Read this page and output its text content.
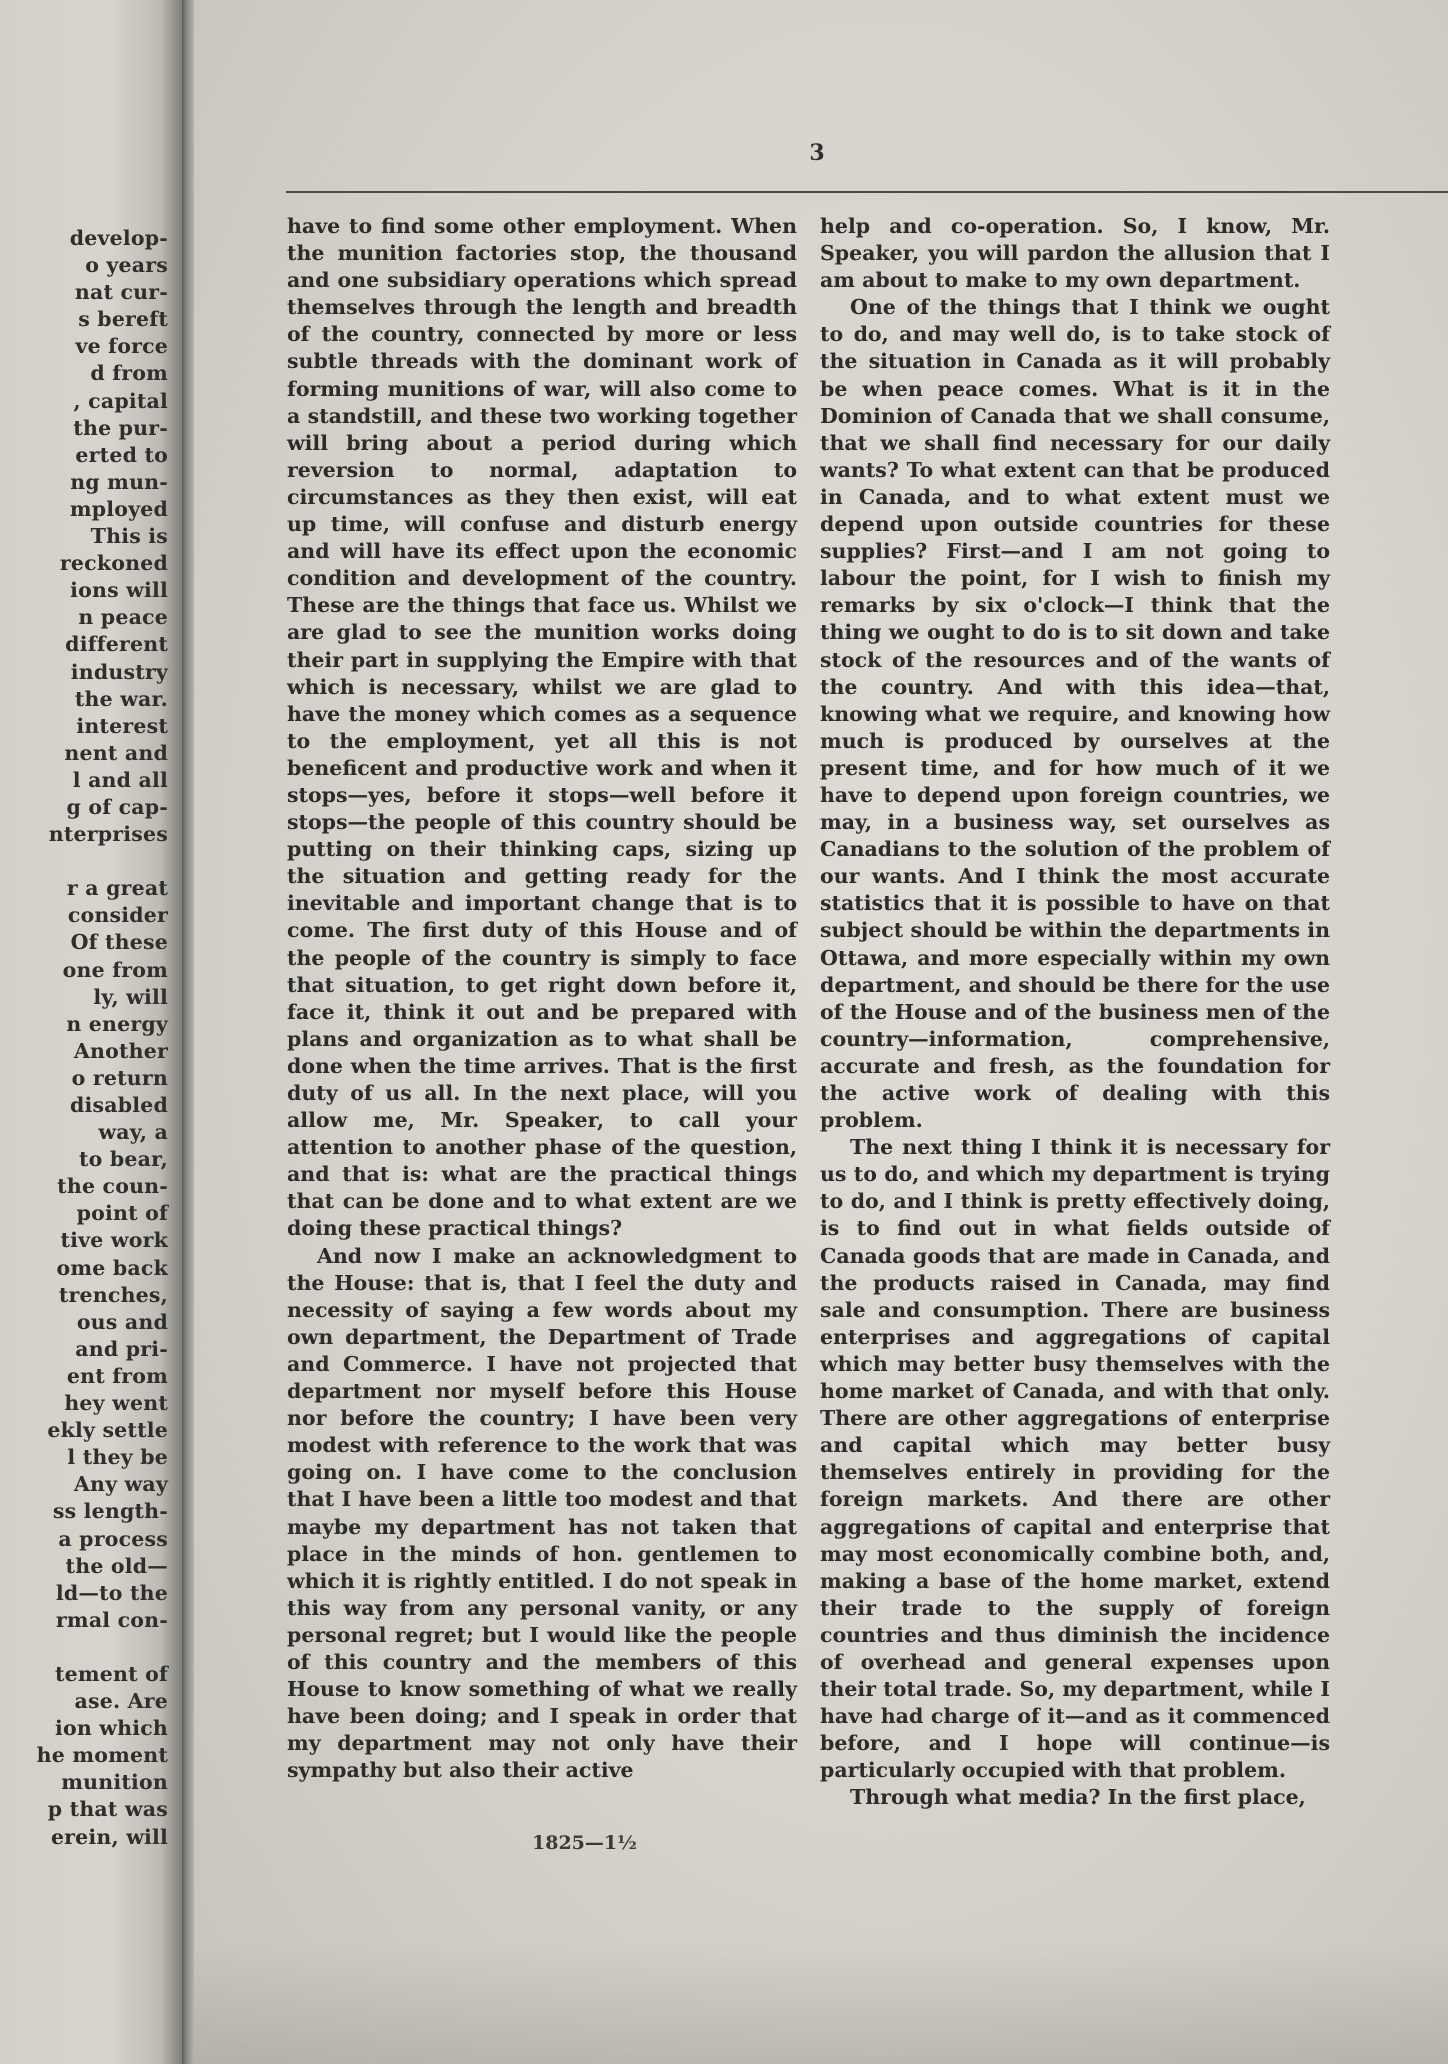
develop-
o years
nat cur-
s bereft
ve force
d from
, capital
the pur-
erted to
ng mun-
mployed
This is
reckoned
ions will
n peace
different
industry
the war.
interest
nent and
l and all
g of cap-
nterprises
r a great
consider
Of these
one from
ly, will
n energy
Another
o return
disabled
way, a
to bear,
the coun-
point of
tive work
ome back
trenches,
ous and
and pri-
ent from
hey went
ekly settle
l they be
Any way
ss length-
a process
the old—
ld—to the
rmal con-
tement of
ase. Are
ion which
he moment
munition
p that was
erein, will
3

have to find some other employment. When the munition factories stop, the thousand and one subsidiary operations which spread themselves through the length and breadth of the country, connected by more or less subtle threads with the dominant work of forming munitions of war, will also come to a standstill, and these two working together will bring about a period during which reversion to normal, adaptation to circumstances as they then exist, will eat up time, will confuse and disturb energy and will have its effect upon the economic condition and development of the country. These are the things that face us. Whilst we are glad to see the munition works doing their part in supplying the Empire with that which is necessary, whilst we are glad to have the money which comes as a sequence to the employment, yet all this is not beneficent and productive work and when it stops—yes, before it stops—well before it stops—the people of this country should be putting on their thinking caps, sizing up the situation and getting ready for the inevitable and important change that is to come. The first duty of this House and of the people of the country is simply to face that situation, to get right down before it, face it, think it out and be prepared with plans and organization as to what shall be done when the time arrives. That is the first duty of us all. In the next place, will you allow me, Mr. Speaker, to call your attention to another phase of the question, and that is: what are the practical things that can be done and to what extent are we doing these practical things?

And now I make an acknowledgment to the House: that is, that I feel the duty and necessity of saying a few words about my own department, the Department of Trade and Commerce. I have not projected that department nor myself before this House nor before the country; I have been very modest with reference to the work that was going on. I have come to the conclusion that I have been a little too modest and that maybe my department has not taken that place in the minds of hon. gentlemen to which it is rightly entitled. I do not speak in this way from any personal vanity, or any personal regret; but I would like the people of this country and the members of this House to know something of what we really have been doing; and I speak in order that my department may not only have their sympathy but also their active

1825—1½

help and co-operation. So, I know, Mr. Speaker, you will pardon the allusion that I am about to make to my own department.

One of the things that I think we ought to do, and may well do, is to take stock of the situation in Canada as it will probably be when peace comes. What is it in the Dominion of Canada that we shall consume, that we shall find necessary for our daily wants? To what extent can that be produced in Canada, and to what extent must we depend upon outside countries for these supplies? First—and I am not going to labour the point, for I wish to finish my remarks by six o'clock—I think that the thing we ought to do is to sit down and take stock of the resources and of the wants of the country. And with this idea—that, knowing what we require, and knowing how much is produced by ourselves at the present time, and for how much of it we have to depend upon foreign countries, we may, in a business way, set ourselves as Canadians to the solution of the problem of our wants. And I think the most accurate statistics that it is possible to have on that subject should be within the departments in Ottawa, and more especially within my own department, and should be there for the use of the House and of the business men of the country—information, comprehensive, accurate and fresh, as the foundation for the active work of dealing with this problem.

The next thing I think it is necessary for us to do, and which my department is trying to do, and I think is pretty effectively doing, is to find out in what fields outside of Canada goods that are made in Canada, and the products raised in Canada, may find sale and consumption. There are business enterprises and aggregations of capital which may better busy themselves with the home market of Canada, and with that only. There are other aggregations of enterprise and capital which may better busy themselves entirely in providing for the foreign markets. And there are other aggregations of capital and enterprise that may most economically combine both, and, making a base of the home market, extend their trade to the supply of foreign countries and thus diminish the incidence of overhead and general expenses upon their total trade. So, my department, while I have had charge of it—and as it commenced before, and I hope will continue—is particularly occupied with that problem.

Through what media? In the first place,
